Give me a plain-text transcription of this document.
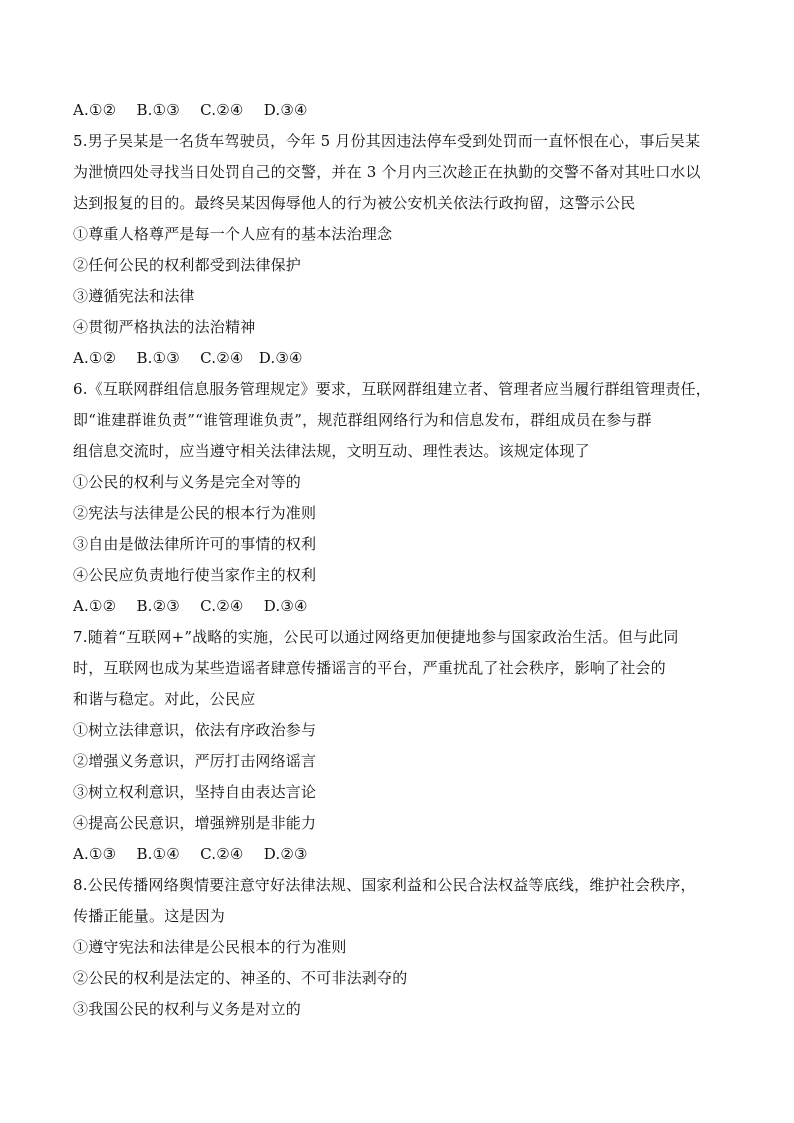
A.①②　 B.①③　 C.②④　 D.③④
5.男子吴某是一名货车驾驶员，今年 5 月份其因违法停车受到处罚而一直怀恨在心，事后吴某
为泄愤四处寻找当日处罚自己的交警，并在 3 个月内三次趁正在执勤的交警不备对其吐口水以
达到报复的目的。最终吴某因侮辱他人的行为被公安机关依法行政拘留，这警示公民
①尊重人格尊严是每一个人应有的基本法治理念
②任何公民的权利都受到法律保护
③遵循宪法和法律
④贯彻严格执法的法治精神
A.①②　 B.①③　 C.②④　D.③④
6.《互联网群组信息服务管理规定》要求，互联网群组建立者、管理者应当履行群组管理责任，
即“谁建群谁负责”“谁管理谁负责”，规范群组网络行为和信息发布，群组成员在参与群
组信息交流时，应当遵守相关法律法规，文明互动、理性表达。该规定体现了
①公民的权利与义务是完全对等的
②宪法与法律是公民的根本行为准则
③自由是做法律所许可的事情的权利
④公民应负责地行使当家作主的权利
A.①②　 B.②③　 C.②④　 D.③④
7.随着“互联网+”战略的实施，公民可以通过网络更加便捷地参与国家政治生活。但与此同
时，互联网也成为某些造谣者肆意传播谣言的平台，严重扰乱了社会秩序，影响了社会的
和谐与稳定。对此，公民应
①树立法律意识，依法有序政治参与
②增强义务意识，严厉打击网络谣言
③树立权利意识，坚持自由表达言论
④提高公民意识，增强辨别是非能力
A.①③　 B.①④　 C.②④　 D.②③
8.公民传播网络舆情要注意守好法律法规、国家利益和公民合法权益等底线，维护社会秩序，
传播正能量。这是因为
①遵守宪法和法律是公民根本的行为准则
②公民的权利是法定的、神圣的、不可非法剥夺的
③我国公民的权利与义务是对立的
